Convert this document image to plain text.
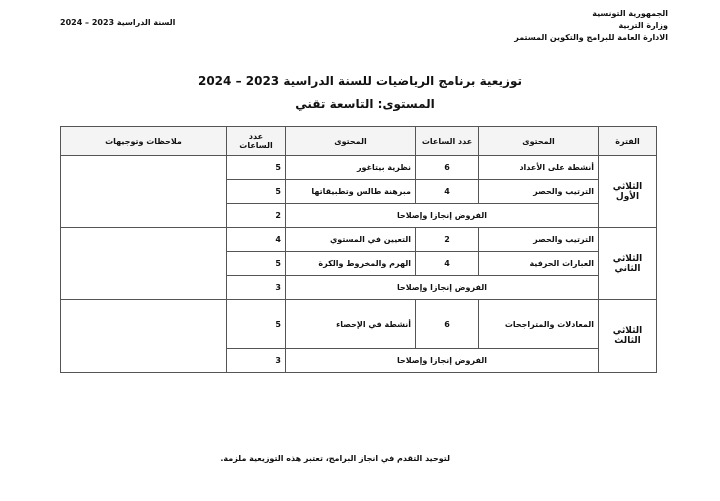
الجمهورية التونسية
وزارة التربية
الادارة العامة للبرامج والتكوين المستمر
السنة الدراسية 2023 – 2024
توزيعية برنامج الرياضيات للسنة الدراسية 2023 – 2024
المستوى: التاسعة تقني
الفترة	المحتوى	عدد الساعات	المحتوى	عدد الساعات	ملاحظات وتوجيهات
الثلاثي الأول	أنشطة على الأعداد	6	نظرية بيتاغور	5	
	الترتيب والحصر	4	مبرهنة طالس وتطبيقاتها	5	
	الفروض إنجازا وإصلاحا			2	
الثلاثي الثاني	الترتيب والحصر	2	التعيين في المستوي	4	
	العبارات الحرفية	4	الهرم والمخروط والكرة	5	
	الفروض إنجازا وإصلاحا			3	
الثلاثي الثالث	المعادلات والمتراجحات	6	أنشطة في الإحصاء	5	
	الفروض إنجازا وإصلاحا			3	
لتوحيد التقدم في انجاز البرامج، تعتبر هذه التوزيعية ملزمة.
